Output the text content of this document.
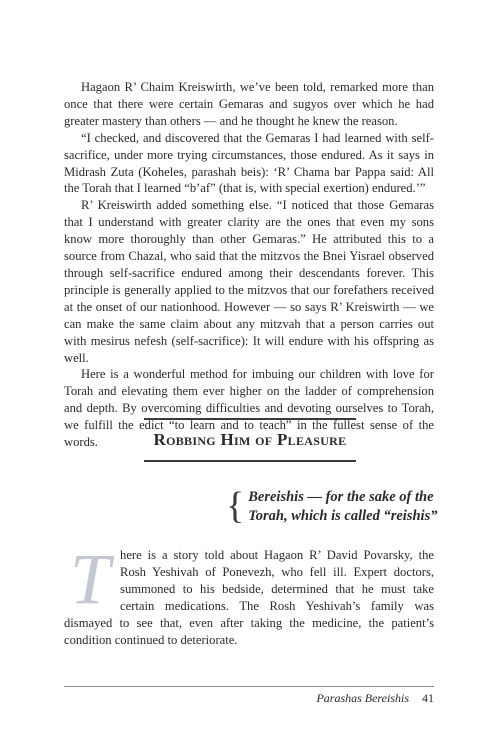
Hagaon R’ Chaim Kreiswirth, we’ve been told, remarked more than once that there were certain Gemaras and sugyos over which he had greater mastery than others — and he thought he knew the reason.

“I checked, and discovered that the Gemaras I had learned with self-sacrifice, under more trying circumstances, those endured. As it says in Midrash Zuta (Koheles, parashah beis): ‘R’ Chama bar Pappa said: All the Torah that I learned “b’af” (that is, with special exertion) endured.’”

R’ Kreiswirth added something else. “I noticed that those Gemaras that I understand with greater clarity are the ones that even my sons know more thoroughly than other Gemaras.” He attributed this to a source from Chazal, who said that the mitzvos the Bnei Yisrael observed through self-sacrifice endured among their descendants forever. This principle is generally applied to the mitzvos that our forefathers received at the onset of our nationhood. However — so says R’ Kreiswirth — we can make the same claim about any mitzvah that a person carries out with mesirus nefesh (self-sacrifice): It will endure with his offspring as well.

Here is a wonderful method for imbuing our children with love for Torah and elevating them ever higher on the ladder of comprehension and depth. By overcoming difficulties and devoting ourselves to Torah, we fulfill the edict “to learn and to teach” in the fullest sense of the words.	Robbing Him of Pleasure
{ Bereishis — for the sake of the
Torah, which is called “reishis”

There is a story told about Hagaon R’ David Povarsky, the Rosh Yeshivah of Ponevezh, who fell ill. Expert doctors, summoned to his bedside, determined that he must take certain medications. The Rosh Yeshivah’s family was dismayed to see that, even after taking the medicine, the patient’s condition continued to deteriorate.

Parashas Bereishis 41
